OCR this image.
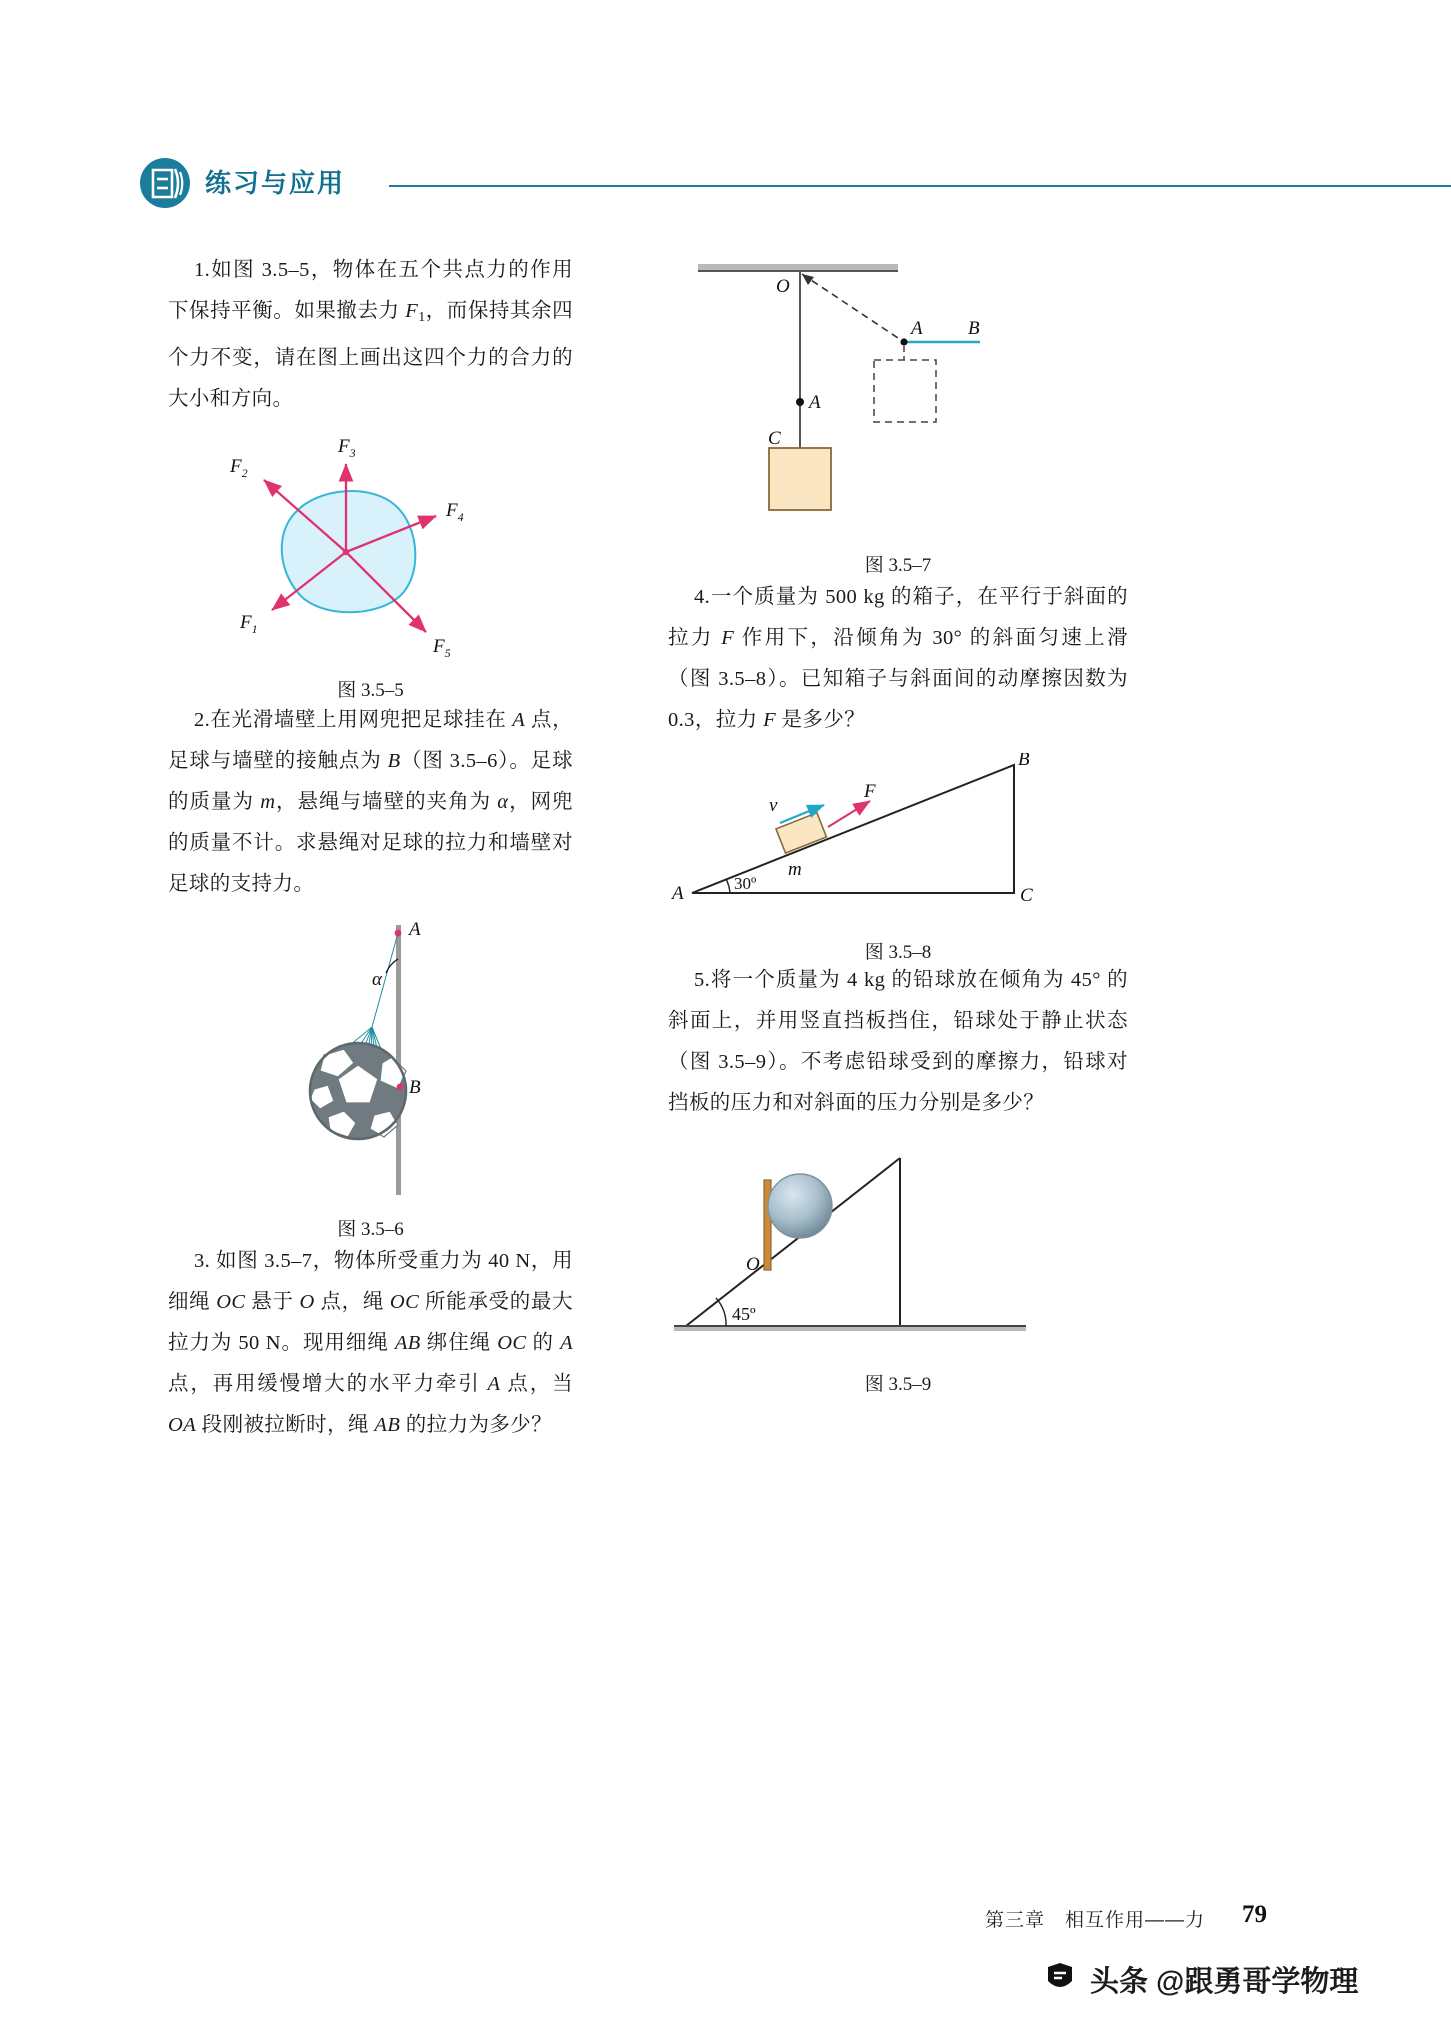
练习与应用
1.如图 3.5–5，物体在五个共点力的作用下保持平衡。如果撤去力 $F_1$，而保持其余四个力不变，请在图上画出这四个力的合力的大小和方向。
$F_2$
$F_3$
$F_4$
$F_1$
$F_5$
图 3.5–5
2.在光滑墙壁上用网兜把足球挂在 A 点，足球与墙壁的接触点为 B（图 3.5–6）。足球的质量为 m，悬绳与墙壁的夹角为 α，网兜的质量不计。求悬绳对足球的拉力和墙壁对足球的支持力。
A
B
α
图 3.5–6
3. 如图 3.5–7，物体所受重力为 40 N，用细绳 OC 悬于 O 点，绳 OC 所能承受的最大拉力为 50 N。现用细绳 AB 绑住绳 OC 的 A 点，再用缓慢增大的水平力牵引 A 点，当 OA 段刚被拉断时，绳 AB 的拉力为多少？
O
A
A B
C
图 3.5–7
4.一个质量为 500 kg 的箱子，在平行于斜面的拉力 F 作用下，沿倾角为 30° 的斜面匀速上滑（图 3.5–8）。已知箱子与斜面间的动摩擦因数为 0.3，拉力 F 是多少？
B
v
F
m
A	C
30º
图 3.5–8
5.将一个质量为 4 kg 的铅球放在倾角为 45° 的斜面上，并用竖直挡板挡住，铅球处于静止状态（图 3.5–9）。不考虑铅球受到的摩擦力，铅球对挡板的压力和对斜面的压力分别是多少？
O
45º
图 3.5–9
第三章　相互作用——力 79
头条 @跟勇哥学物理
